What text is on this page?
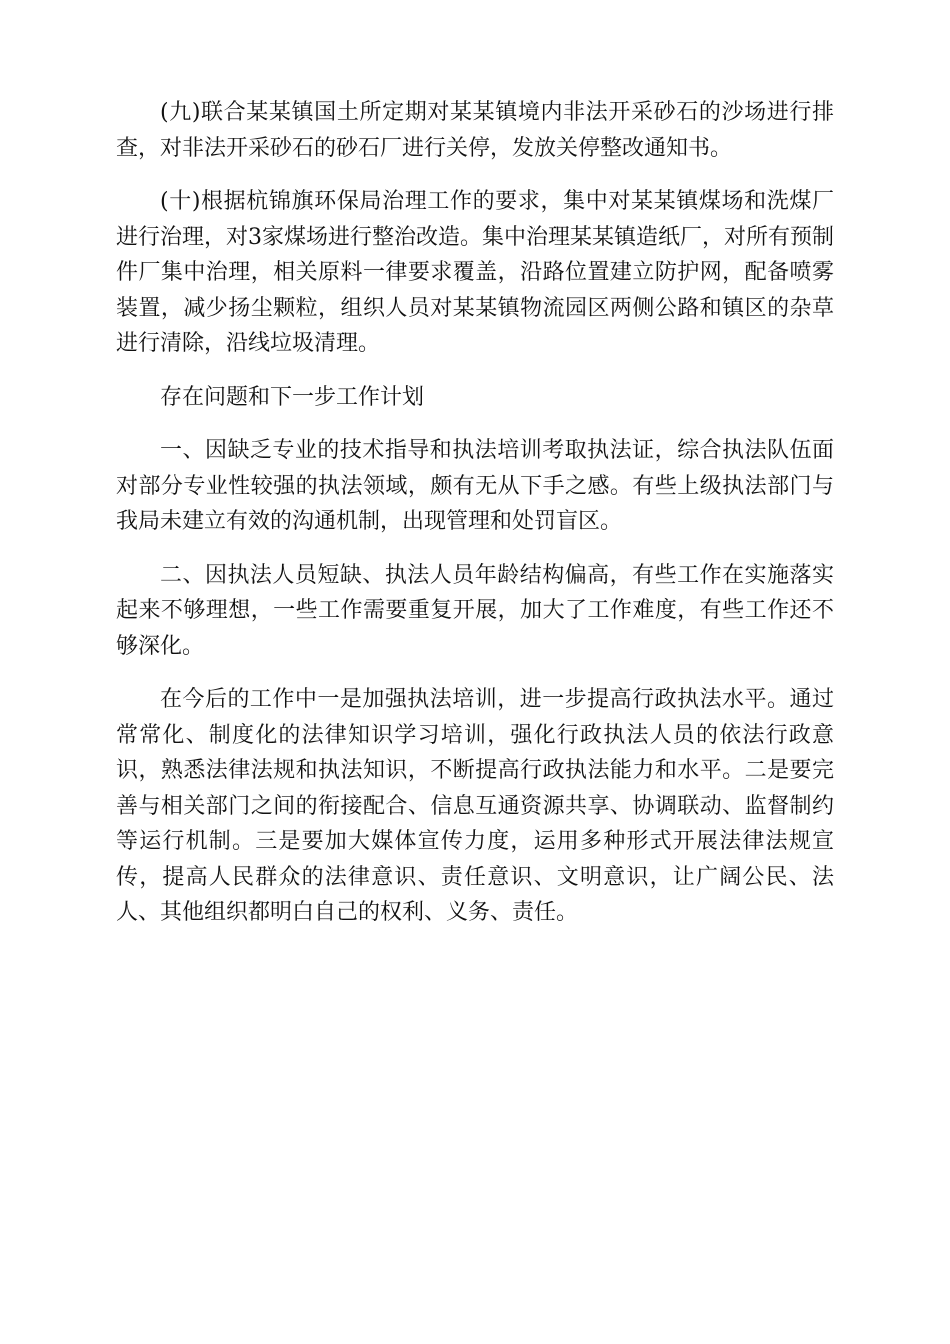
(九)联合某某镇国土所定期对某某镇境内非法开采砂石的沙场进行排查，对非法开采砂石的砂石厂进行关停，发放关停整改通知书。

(十)根据杭锦旗环保局治理工作的要求，集中对某某镇煤场和洗煤厂进行治理，对3家煤场进行整治改造。集中治理某某镇造纸厂，对所有预制件厂集中治理，相关原料一律要求覆盖，沿路位置建立防护网，配备喷雾装置，减少扬尘颗粒，组织人员对某某镇物流园区两侧公路和镇区的杂草进行清除，沿线垃圾清理。

存在问题和下一步工作计划

一、因缺乏专业的技术指导和执法培训考取执法证，综合执法队伍面对部分专业性较强的执法领域，颇有无从下手之感。有些上级执法部门与我局未建立有效的沟通机制，出现管理和处罚盲区。

二、因执法人员短缺、执法人员年龄结构偏高，有些工作在实施落实起来不够理想，一些工作需要重复开展，加大了工作难度，有些工作还不够深化。

在今后的工作中一是加强执法培训，进一步提高行政执法水平。通过常常化、制度化的法律知识学习培训，强化行政执法人员的依法行政意识，熟悉法律法规和执法知识，不断提高行政执法能力和水平。二是要完善与相关部门之间的衔接配合、信息互通资源共享、协调联动、监督制约等运行机制。三是要加大媒体宣传力度，运用多种形式开展法律法规宣传，提高人民群众的法律意识、责任意识、文明意识，让广阔公民、法人、其他组织都明白自己的权利、义务、责任。
